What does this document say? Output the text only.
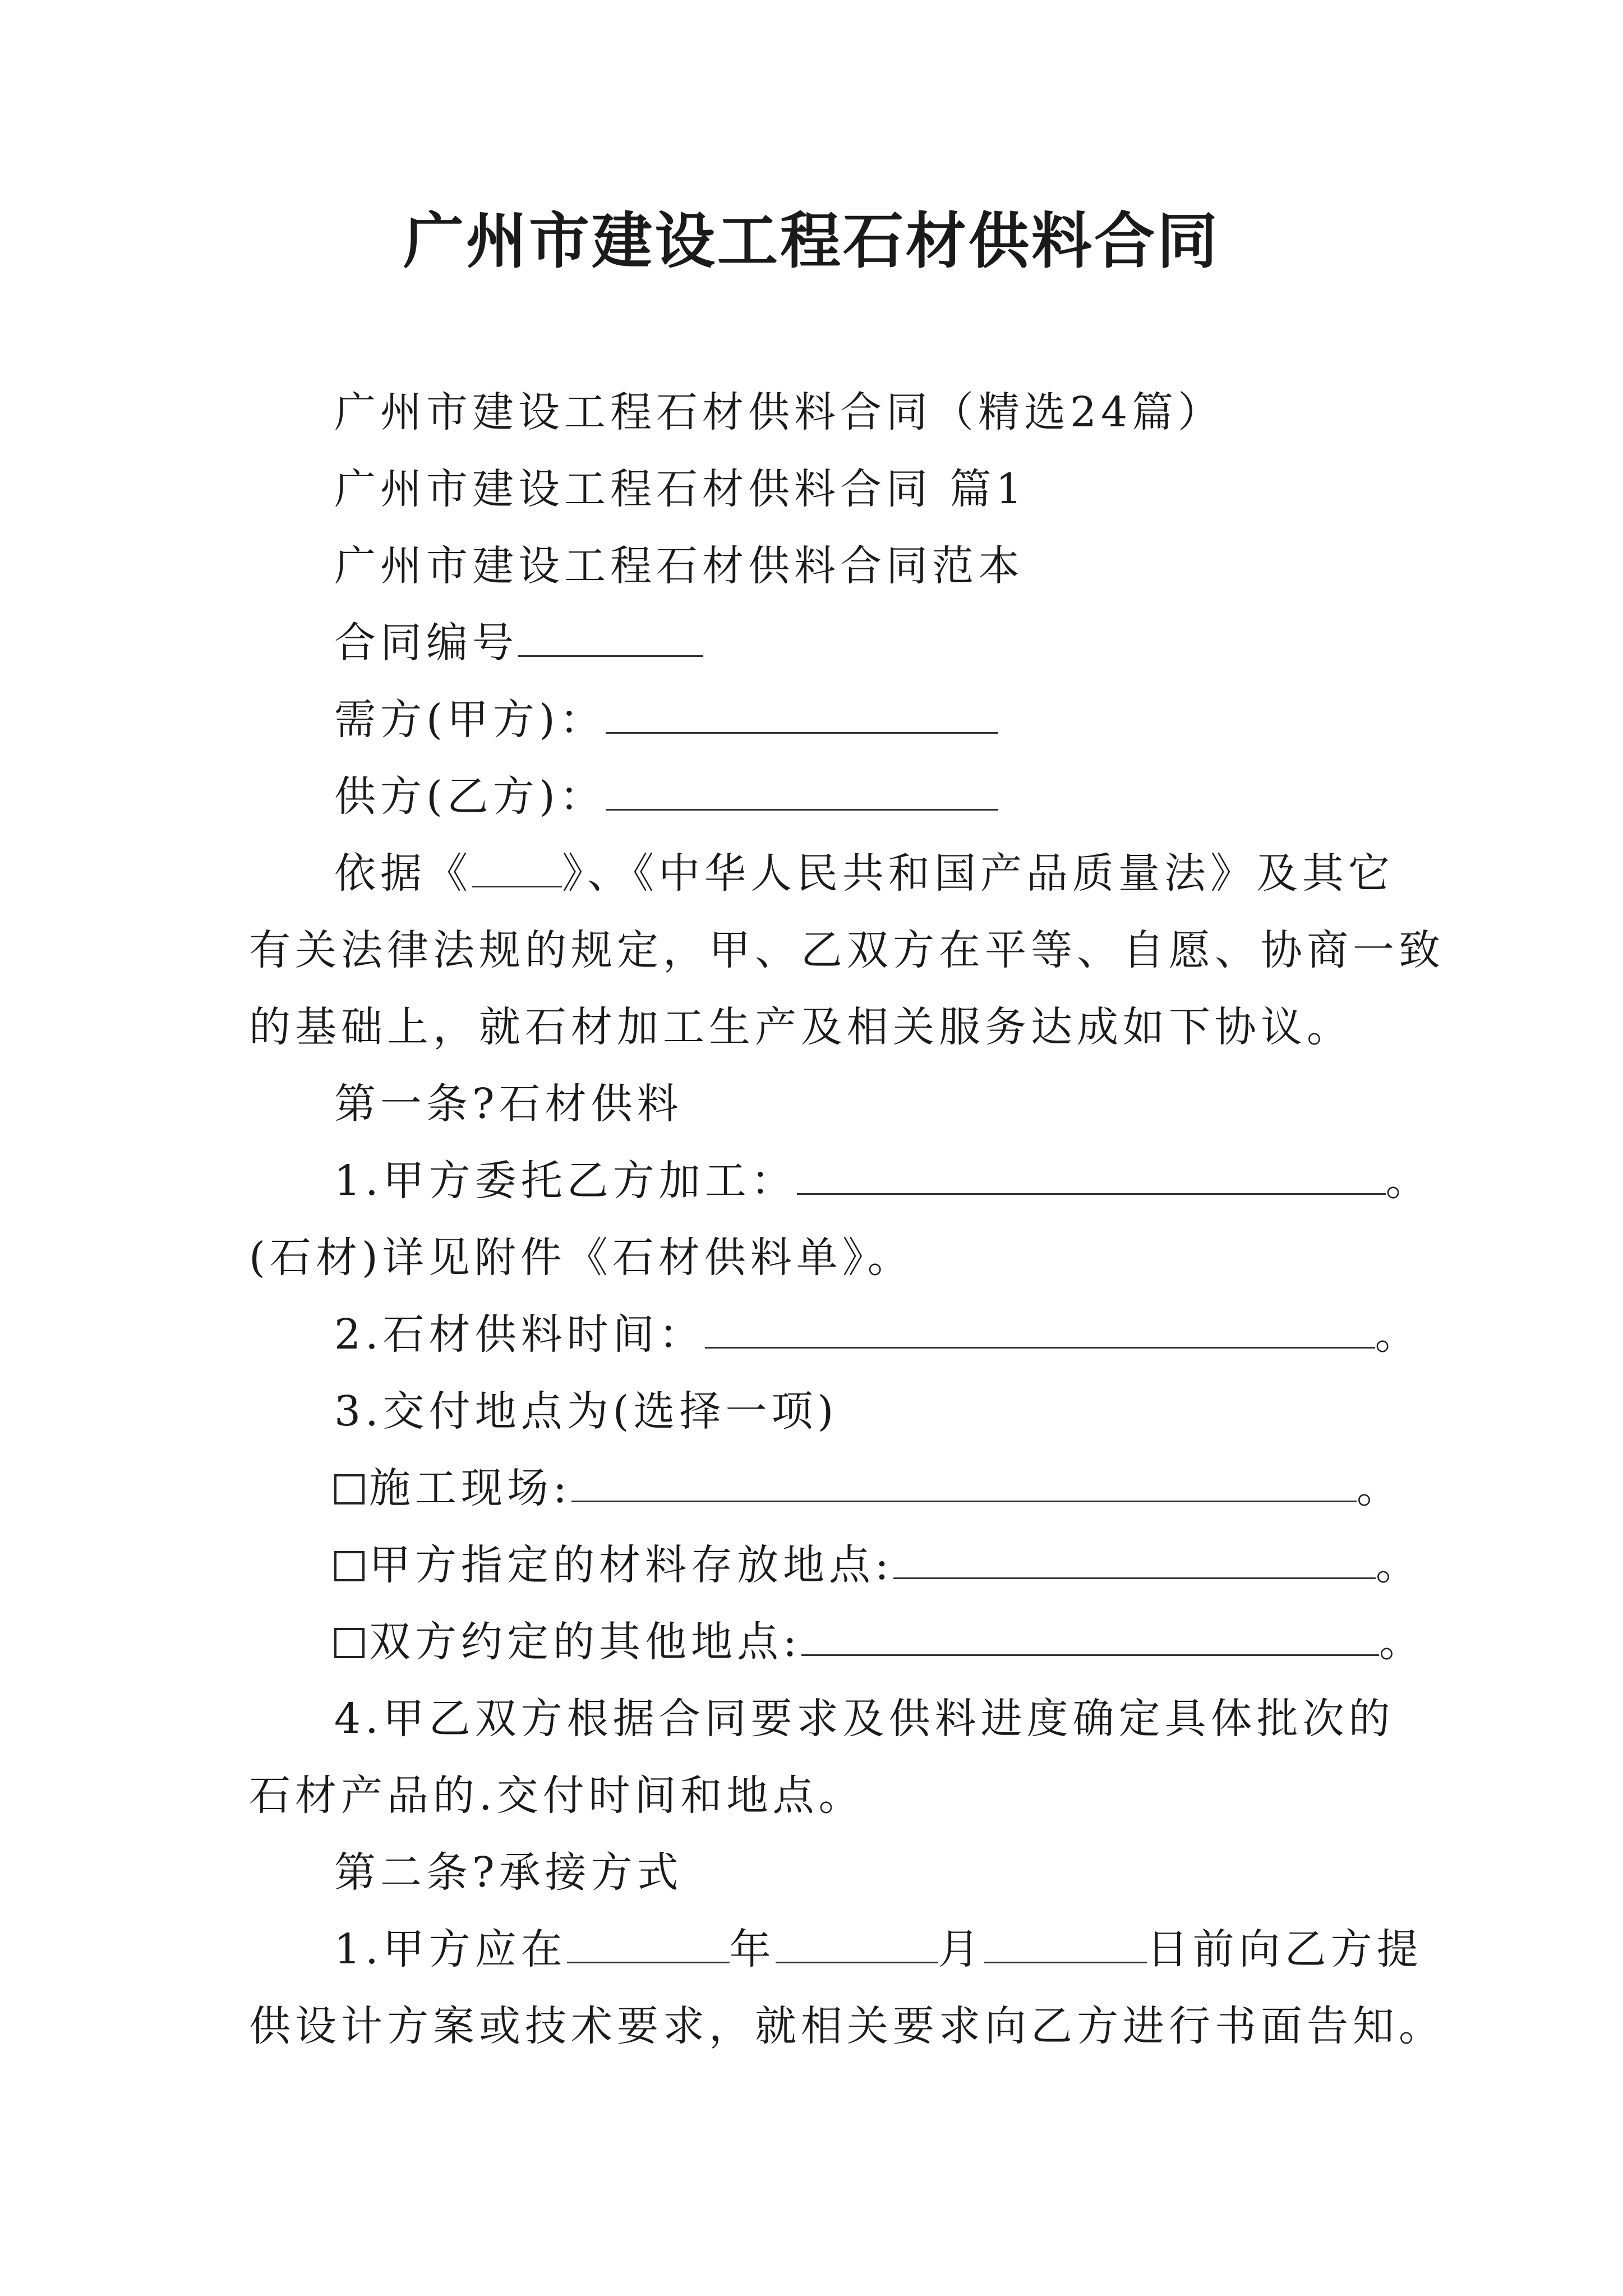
广州市建设工程石材供料合同
广州市建设工程石材供料合同（精选24篇）
广州市建设工程石材供料合同 篇1
广州市建设工程石材供料合同范本
合同编号
需方(甲方)：
供方(乙方)：
依据《 》、《中华人民共和国产品质量法》及其它
有关法律法规的规定，甲、乙双方在平等、自愿、协商一致
的基础上，就石材加工生产及相关服务达成如下协议。
第一条?石材供料
1.甲方委托乙方加工：	。
(石材)详见附件《石材供料单》。
2.石材供料时间：	。
3.交付地点为(选择一项)
施工现场:	。
甲方指定的材料存放地点:	。
双方约定的其他地点:	。
4.甲乙双方根据合同要求及供料进度确定具体批次的
石材产品的.交付时间和地点。
第二条?承接方式
1.甲方应在	年	月	日前向乙方提
供设计方案或技术要求，就相关要求向乙方进行书面告知。
